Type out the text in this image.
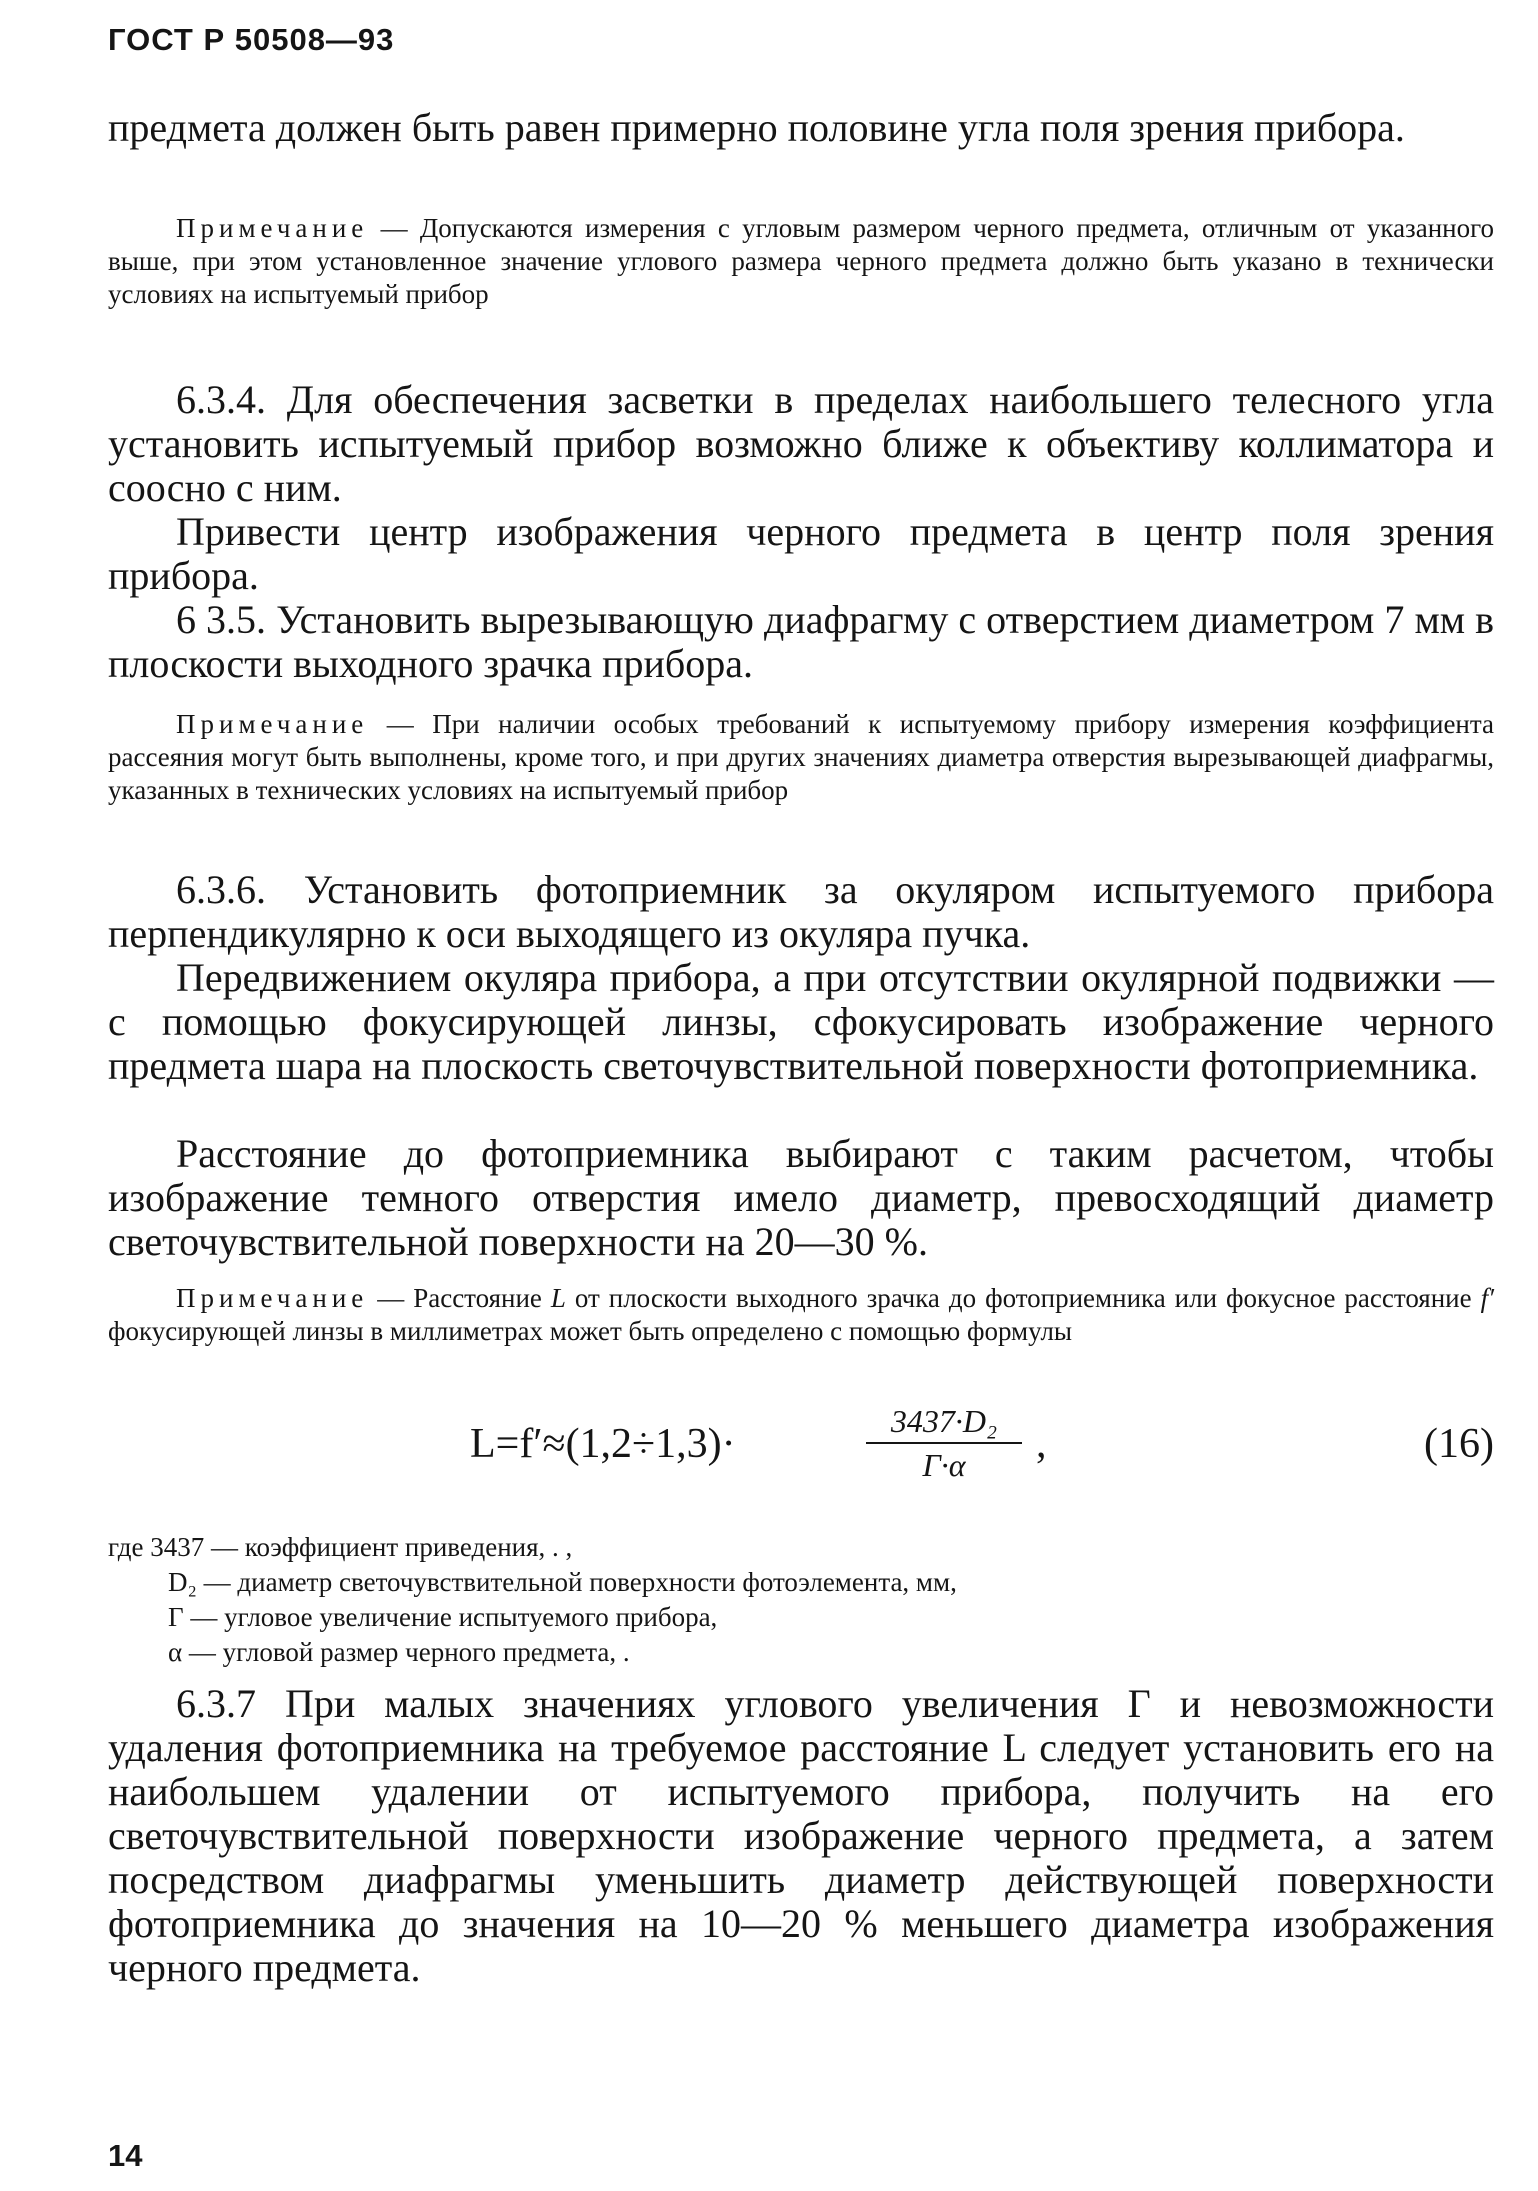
ГОСТ Р 50508—93
предмета должен быть равен примерно половине угла поля зрения прибора.
Примечание — Допускаются измерения с угловым размером черного предмета, отличным от указанного выше, при этом установленное значение углового размера черного предмета должно быть указано в технически условиях на испытуемый прибор
6.3.4. Для обеспечения засветки в пределах наибольшего телесного угла установить испытуемый прибор возможно ближе к объективу коллиматора и соосно с ним.
Привести центр изображения черного предмета в центр поля зрения прибора.
6 3.5. Установить вырезывающую диафрагму с отверстием диаметром 7 мм в плоскости выходного зрачка прибора.
Примечание — При наличии особых требований к испытуемому прибору измерения коэффициента рассеяния могут быть выполнены, кроме того, и при других значениях диаметра отверстия вырезывающей диафрагмы, указанных в технических условиях на испытуемый прибор
6.3.6. Установить фотоприемник за окуляром испытуемого прибора перпендикулярно к оси выходящего из окуляра пучка.
Передвижением окуляра прибора, а при отсутствии окулярной подвижки — с помощью фокусирующей линзы, сфокусировать изображение черного предмета шара на плоскость светочувствительной поверхности фотоприемника.
Расстояние до фотоприемника выбирают с таким расчетом, чтобы изображение темного отверстия имело диаметр, превосходящий диаметр светочувствительной поверхности на 20—30 %.
Примечание — Расстояние L от плоскости выходного зрачка до фотоприемника или фокусное расстояние f′ фокусирующей линзы в миллиметрах может быть определено с помощью формулы
L=f′≈(1,2÷1,3)·	3437·D₂
Г·α	,	(16)
где 3437 — коэффициент приведения, . ,
D₂ — диаметр светочувствительной поверхности фотоэлемента, мм,
Г — угловое увеличение испытуемого прибора,
α — угловой размер черного предмета, .
6.3.7 При малых значениях углового увеличения Г и невозможности удаления фотоприемника на требуемое расстояние L следует установить его на наибольшем удалении от испытуемого прибора, получить на его светочувствительной поверхности изображение черного предмета, а затем посредством диафрагмы уменьшить диаметр действующей поверхности фотоприемника до значения на 10—20 % меньшего диаметра изображения черного предмета.
14
